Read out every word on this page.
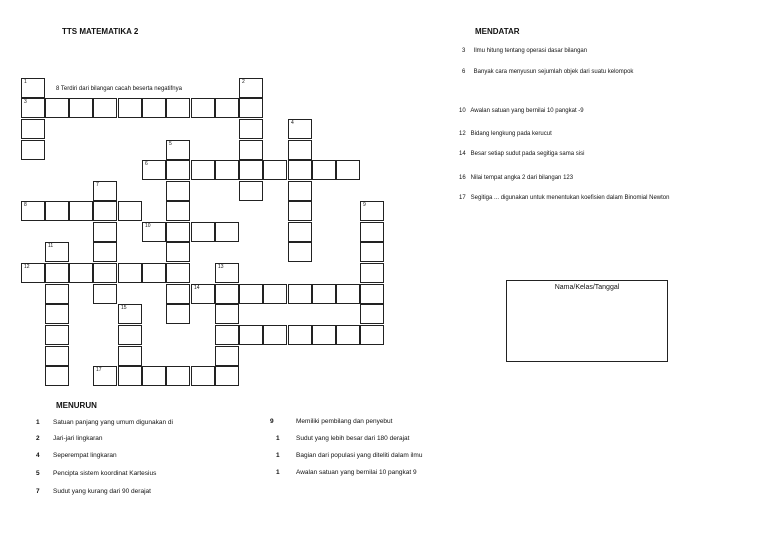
TTS MATEMATIKA 2
17
15
14
13
12
11
10
9
8
7
6
5
4
2
3
1
8 Terdiri dari bilangan cacah beserta negatifnya
MENDATAR
3 Ilmu hitung tentang operasi dasar bilangan
6 Banyak cara menyusun sejumlah objek dari suatu kelompok
10 Awalan satuan yang bernilai 10 pangkat -9
12 Bidang lengkung pada kerucut
14 Besar setiap sudut pada segitiga sama sisi
16 Nilai tempat angka 2 dari bilangan 123
17 Segitiga ... digunakan untuk menentukan koefisien dalam Binomial Newton
Nama/Kelas/Tanggal
MENURUN
1 Satuan panjang yang umum digunakan di
2 Jari-jari lingkaran
4 Seperempat lingkaran
5 Pencipta sistem koordinat Kartesius
7 Sudut yang kurang dari 90 derajat
9	Memiliki pembilang dan penyebut
1	Sudut yang lebih besar dari 180 derajat
1	Bagian dari populasi yang diteliti dalam ilmu
1	Awalan satuan yang bernilai 10 pangkat 9
